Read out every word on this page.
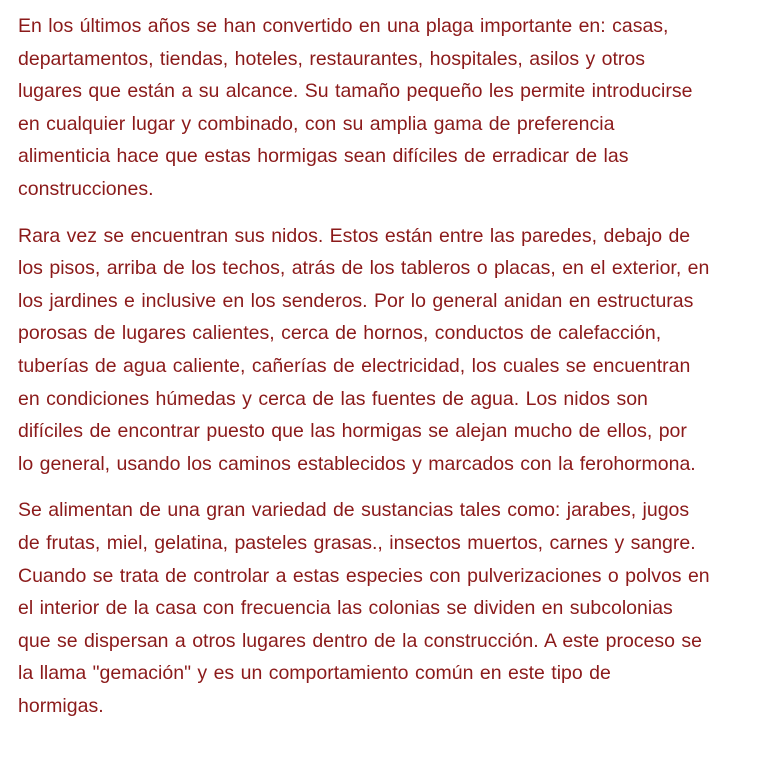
En los últimos años se han convertido en una plaga importante en: casas,
departamentos, tiendas, hoteles, restaurantes, hospitales, asilos y otros
lugares que están a su alcance. Su tamaño pequeño les permite introducirse
en cualquier lugar y combinado, con su amplia gama de preferencia
alimenticia hace que estas hormigas sean difíciles de erradicar de las
construcciones.

Rara vez se encuentran sus nidos. Estos están entre las paredes, debajo de
los pisos, arriba de los techos, atrás de los tableros o placas, en el exterior, en
los jardines e inclusive en los senderos. Por lo general anidan en estructuras
porosas de lugares calientes, cerca de hornos, conductos de calefacción,
tuberías de agua caliente, cañerías de electricidad, los cuales se encuentran
en condiciones húmedas y cerca de las fuentes de agua. Los nidos son
difíciles de encontrar puesto que las hormigas se alejan mucho de ellos, por
lo general, usando los caminos establecidos y marcados con la ferohormona.

Se alimentan de una gran variedad de sustancias tales como: jarabes, jugos
de frutas, miel, gelatina, pasteles grasas., insectos muertos, carnes y sangre.
Cuando se trata de controlar a estas especies con pulverizaciones o polvos en
el interior de la casa con frecuencia las colonias se dividen en subcolonias
que se dispersan a otros lugares dentro de la construcción. A este proceso se
la llama "gemación" y es un comportamiento común en este tipo de
hormigas.
